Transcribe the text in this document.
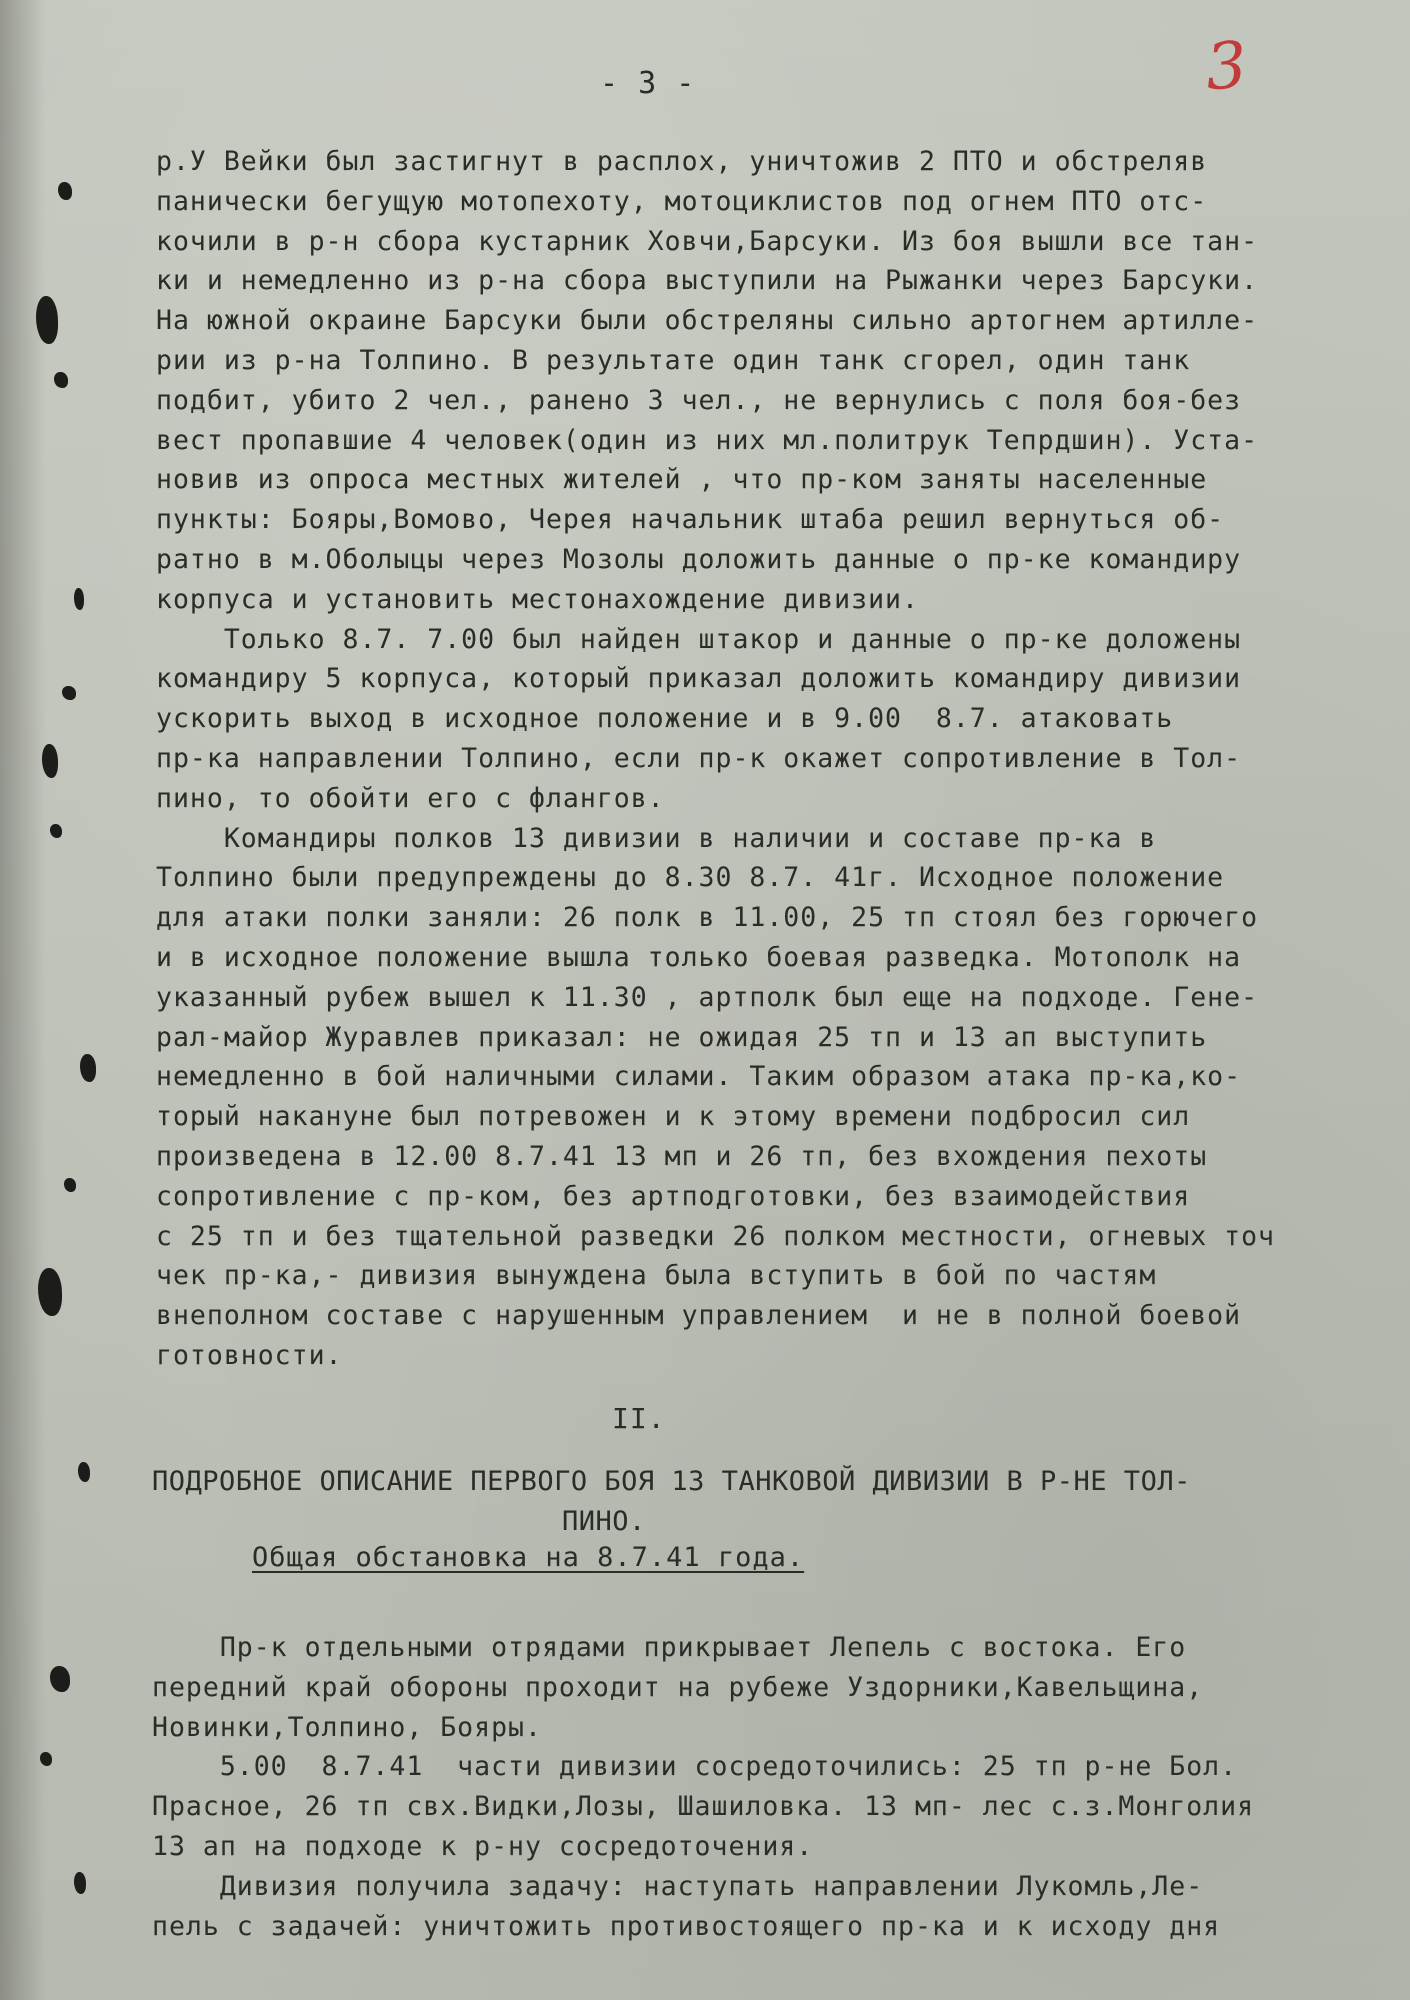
- 3 -	3
р.У Вейки был застигнут в расплох, уничтожив 2 ПТО и обстреляв
панически бегущую мотопехоту, мотоциклистов под огнем ПТО отс-
кочили в р-н сбора кустарник Ховчи,Барсуки. Из боя вышли все тан-
ки и немедленно из р-на сбора выступили на Рыжанки через Барсуки.
На южной окраине Барсуки были обстреляны сильно артогнем артилле-
рии из р-на Толпино. В результате один танк сгорел, один танк
подбит, убито 2 чел., ранено 3 чел., не вернулись с поля боя-без
вест пропавшие 4 человек(один из них мл.политрук Тепрдшин). Уста-
новив из опроса местных жителей , что пр-ком заняты населенные
пункты: Бояры,Вомово, Черея начальник штаба решил вернуться об-
ратно в м.Оболыцы через Мозолы доложить данные о пр-ке командиру
корпуса и установить местонахождение дивизии.
Только 8.7. 7.00 был найден штакор и данные о пр-ке доложены
командиру 5 корпуса, который приказал доложить командиру дивизии
ускорить выход в исходное положение и в 9.00  8.7. атаковать
пр-ка направлении Толпино, если пр-к окажет сопротивление в Тол-
пино, то обойти его с флангов.
Командиры полков 13 дивизии в наличии и составе пр-ка в
Толпино были предупреждены до 8.30 8.7. 41г. Исходное положение
для атаки полки заняли: 26 полк в 11.00, 25 тп стоял без горючего
и в исходное положение вышла только боевая разведка. Мотополк на
указанный рубеж вышел к 11.30 , артполк был еще на подходе. Гене-
рал-майор Журавлев приказал: не ожидая 25 тп и 13 ап выступить
немедленно в бой наличными силами. Таким образом атака пр-ка,ко-
торый накануне был потревожен и к этому времени подбросил сил
произведена в 12.00 8.7.41 13 мп и 26 тп, без вхождения пехоты
сопротивление с пр-ком, без артподготовки, без взаимодействия
с 25 тп и без тщательной разведки 26 полком местности, огневых точ
чек пр-ка,- дивизия вынуждена была вступить в бой по частям
внеполном составе с нарушенным управлением  и не в полной боевой
готовности.
II.
ПОДРОБНОЕ ОПИСАНИЕ ПЕРВОГО БОЯ 13 ТАНКОВОЙ ДИВИЗИИ В Р-НЕ ТОЛ-
ПИНО.
Общая обстановка на 8.7.41 года.
Пр-к отдельными отрядами прикрывает Лепель с востока. Его
передний край обороны проходит на рубеже Уздорники,Кавельщина,
Новинки,Толпино, Бояры.
5.00  8.7.41  части дивизии сосредоточились: 25 тп р-не Бол.
Прасное, 26 тп свх.Видки,Лозы, Шашиловка. 13 мп- лес с.з.Монголия
13 ап на подходе к р-ну сосредоточения.
Дивизия получила задачу: наступать направлении Лукомль,Ле-
пель с задачей: уничтожить противостоящего пр-ка и к исходу дня
